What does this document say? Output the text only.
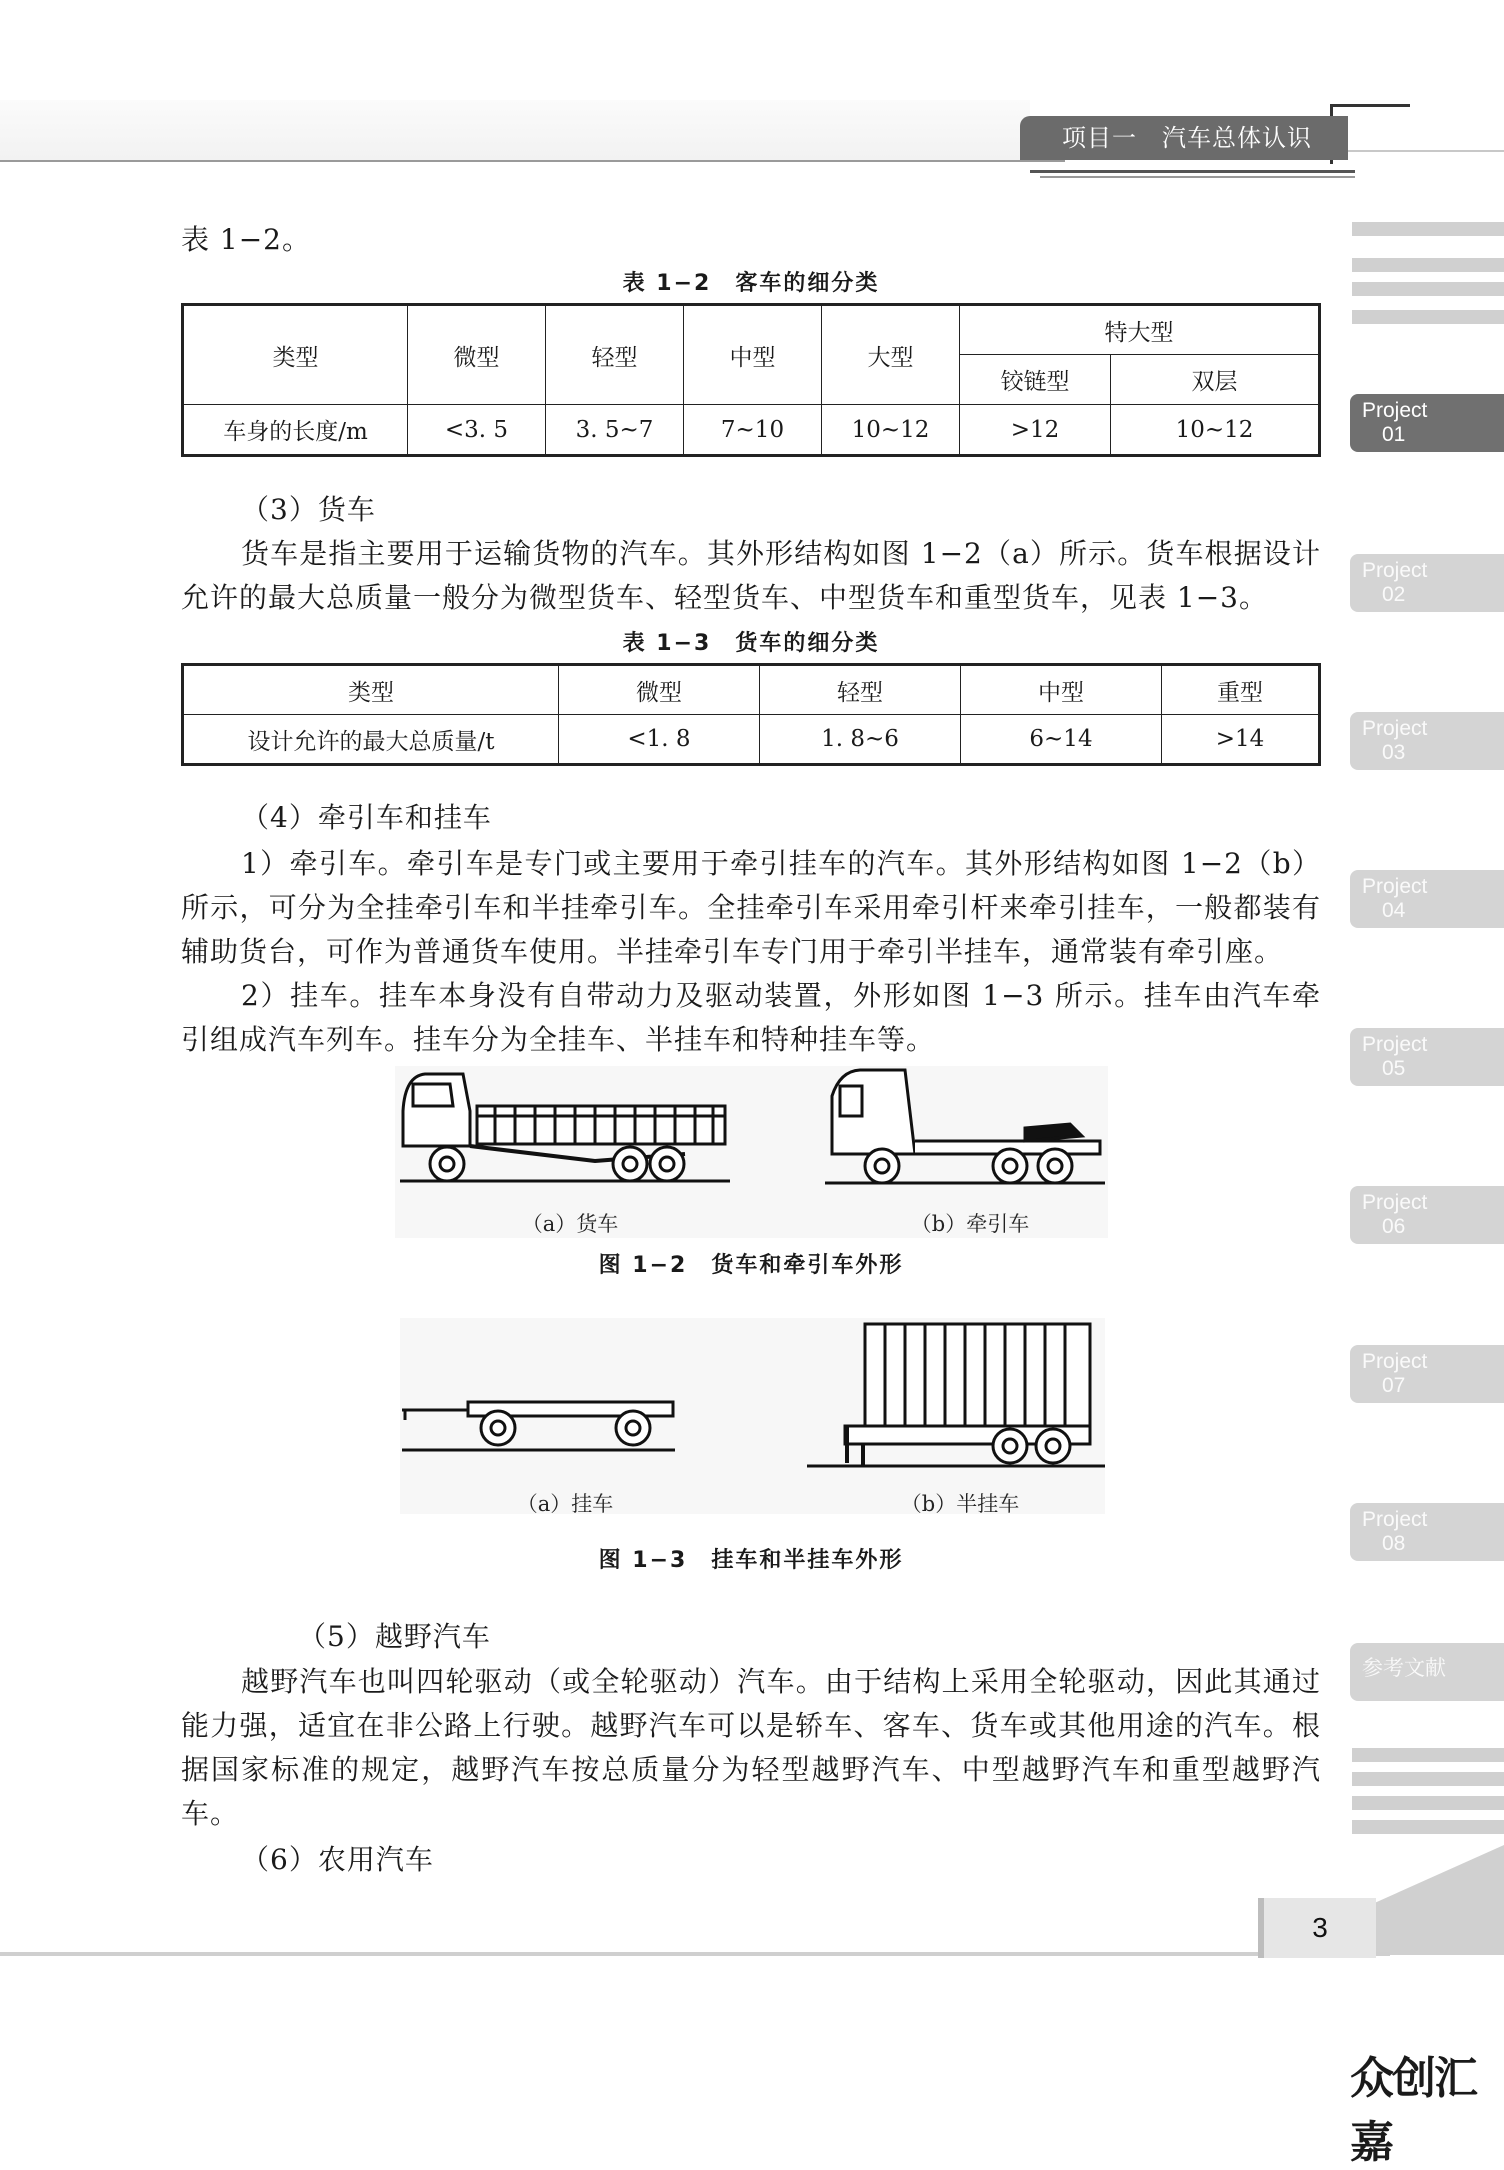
项目一　汽车总体认识
Project
01
Project
02
Project
03
Project
04
Project
05
Project
06
Project
07
Project
08
参考文献
表 1−2。
表 1−2　客车的细分类
类型	微型	轻型	中型	大型	特大型	
					铰链型	双层
车身的长度/m	<3. 5	3. 5~7	7~10	10~12	>12	10~12
（3）货车
货车是指主要用于运输货物的汽车。其外形结构如图 1−2（a）所示。货车根据设计允许的最大总质量一般分为微型货车、轻型货车、中型货车和重型货车，见表 1−3。
表 1−3　货车的细分类
类型	微型	轻型	中型	重型
设计允许的最大总质量/t	<1. 8	1. 8~6	6~14	>14
（4）牵引车和挂车
1）牵引车。牵引车是专门或主要用于牵引挂车的汽车。其外形结构如图 1−2（b）所示，可分为全挂牵引车和半挂牵引车。全挂牵引车采用牵引杆来牵引挂车，一般都装有辅助货台，可作为普通货车使用。半挂牵引车专门用于牵引半挂车，通常装有牵引座。
2）挂车。挂车本身没有自带动力及驱动装置，外形如图 1−3 所示。挂车由汽车牵引组成汽车列车。挂车分为全挂车、半挂车和特种挂车等。
（a）货车	（b）牵引车
图 1−2　货车和牵引车外形
（a）挂车	（b）半挂车
图 1−3　挂车和半挂车外形
（5）越野汽车
越野汽车也叫四轮驱动（或全轮驱动）汽车。由于结构上采用全轮驱动，因此其通过能力强，适宜在非公路上行驶。越野汽车可以是轿车、客车、货车或其他用途的汽车。根据国家标准的规定，越野汽车按总质量分为轻型越野汽车、中型越野汽车和重型越野汽车。
（6）农用汽车
3
众创汇嘉
